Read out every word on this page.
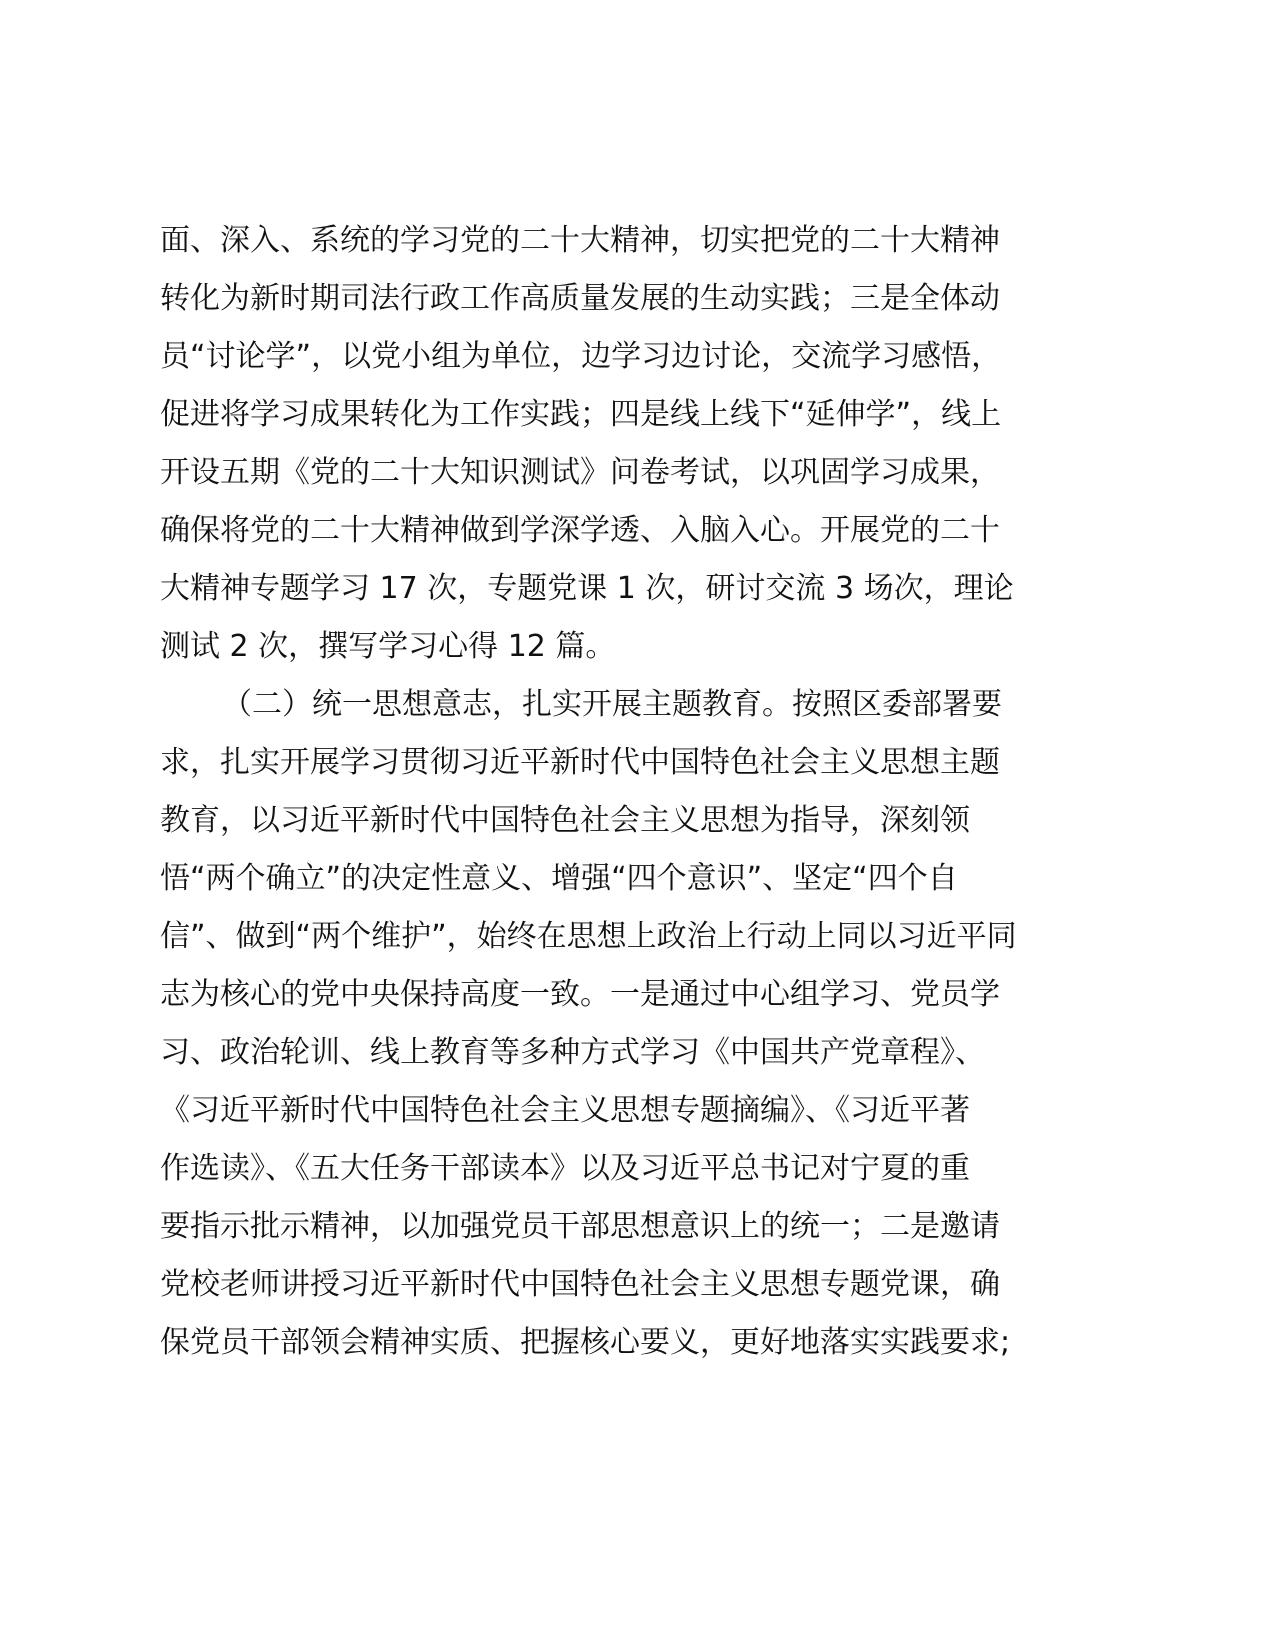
面、深入、系统的学习党的二十大精神，切实把党的二十大精神
转化为新时期司法行政工作高质量发展的生动实践；三是全体动
员“讨论学”，以党小组为单位，边学习边讨论，交流学习感悟，
促进将学习成果转化为工作实践；四是线上线下“延伸学”，线上
开设五期《党的二十大知识测试》问卷考试，以巩固学习成果，
确保将党的二十大精神做到学深学透、入脑入心。开展党的二十
大精神专题学习 17 次，专题党课 1 次，研讨交流 3 场次，理论
测试 2 次，撰写学习心得 12 篇。
（二）统一思想意志，扎实开展主题教育。按照区委部署要
求，扎实开展学习贯彻习近平新时代中国特色社会主义思想主题
教育，以习近平新时代中国特色社会主义思想为指导，深刻领
悟“两个确立”的决定性意义、增强“四个意识”、坚定“四个自
信”、做到“两个维护”，始终在思想上政治上行动上同以习近平同
志为核心的党中央保持高度一致。一是通过中心组学习、党员学
习、政治轮训、线上教育等多种方式学习《中国共产党章程》、
《习近平新时代中国特色社会主义思想专题摘编》、《习近平著
作选读》、《五大任务干部读本》以及习近平总书记对宁夏的重
要指示批示精神，以加强党员干部思想意识上的统一；二是邀请
党校老师讲授习近平新时代中国特色社会主义思想专题党课，确
保党员干部领会精神实质、把握核心要义，更好地落实实践要求;
